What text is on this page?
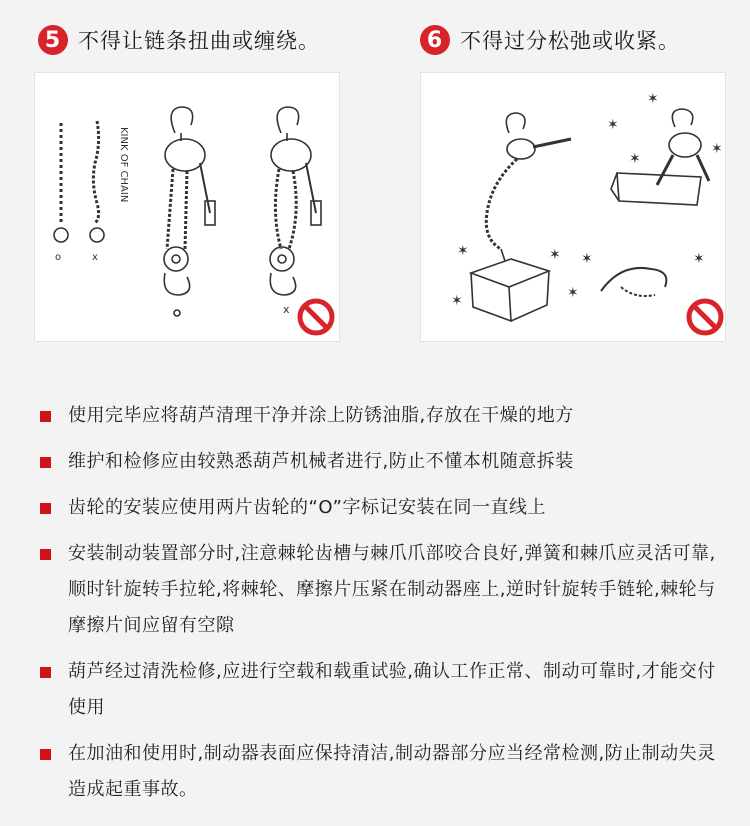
5 不得让链条扭曲或缠绕。	6 不得过分松弛或收紧。
o	x
x
KINK OF CHAIN
✶	✶
✶	✶
✶
✶
✶
✶
✶	✶
使用完毕应将葫芦清理干净并涂上防锈油脂,存放在干燥的地方
维护和检修应由较熟悉葫芦机械者进行,防止不懂本机随意拆装
齿轮的安装应使用两片齿轮的“O”字标记安装在同一直线上
安装制动装置部分时,注意棘轮齿槽与棘爪爪部咬合良好,弹簧和棘爪应灵活可靠,顺时针旋转手拉轮,将棘轮、摩擦片压紧在制动器座上,逆时针旋转手链轮,棘轮与摩擦片间应留有空隙
葫芦经过清洗检修,应进行空载和载重试验,确认工作正常、制动可靠时,才能交付使用
在加油和使用时,制动器表面应保持清洁,制动器部分应当经常检测,防止制动失灵造成起重事故。
